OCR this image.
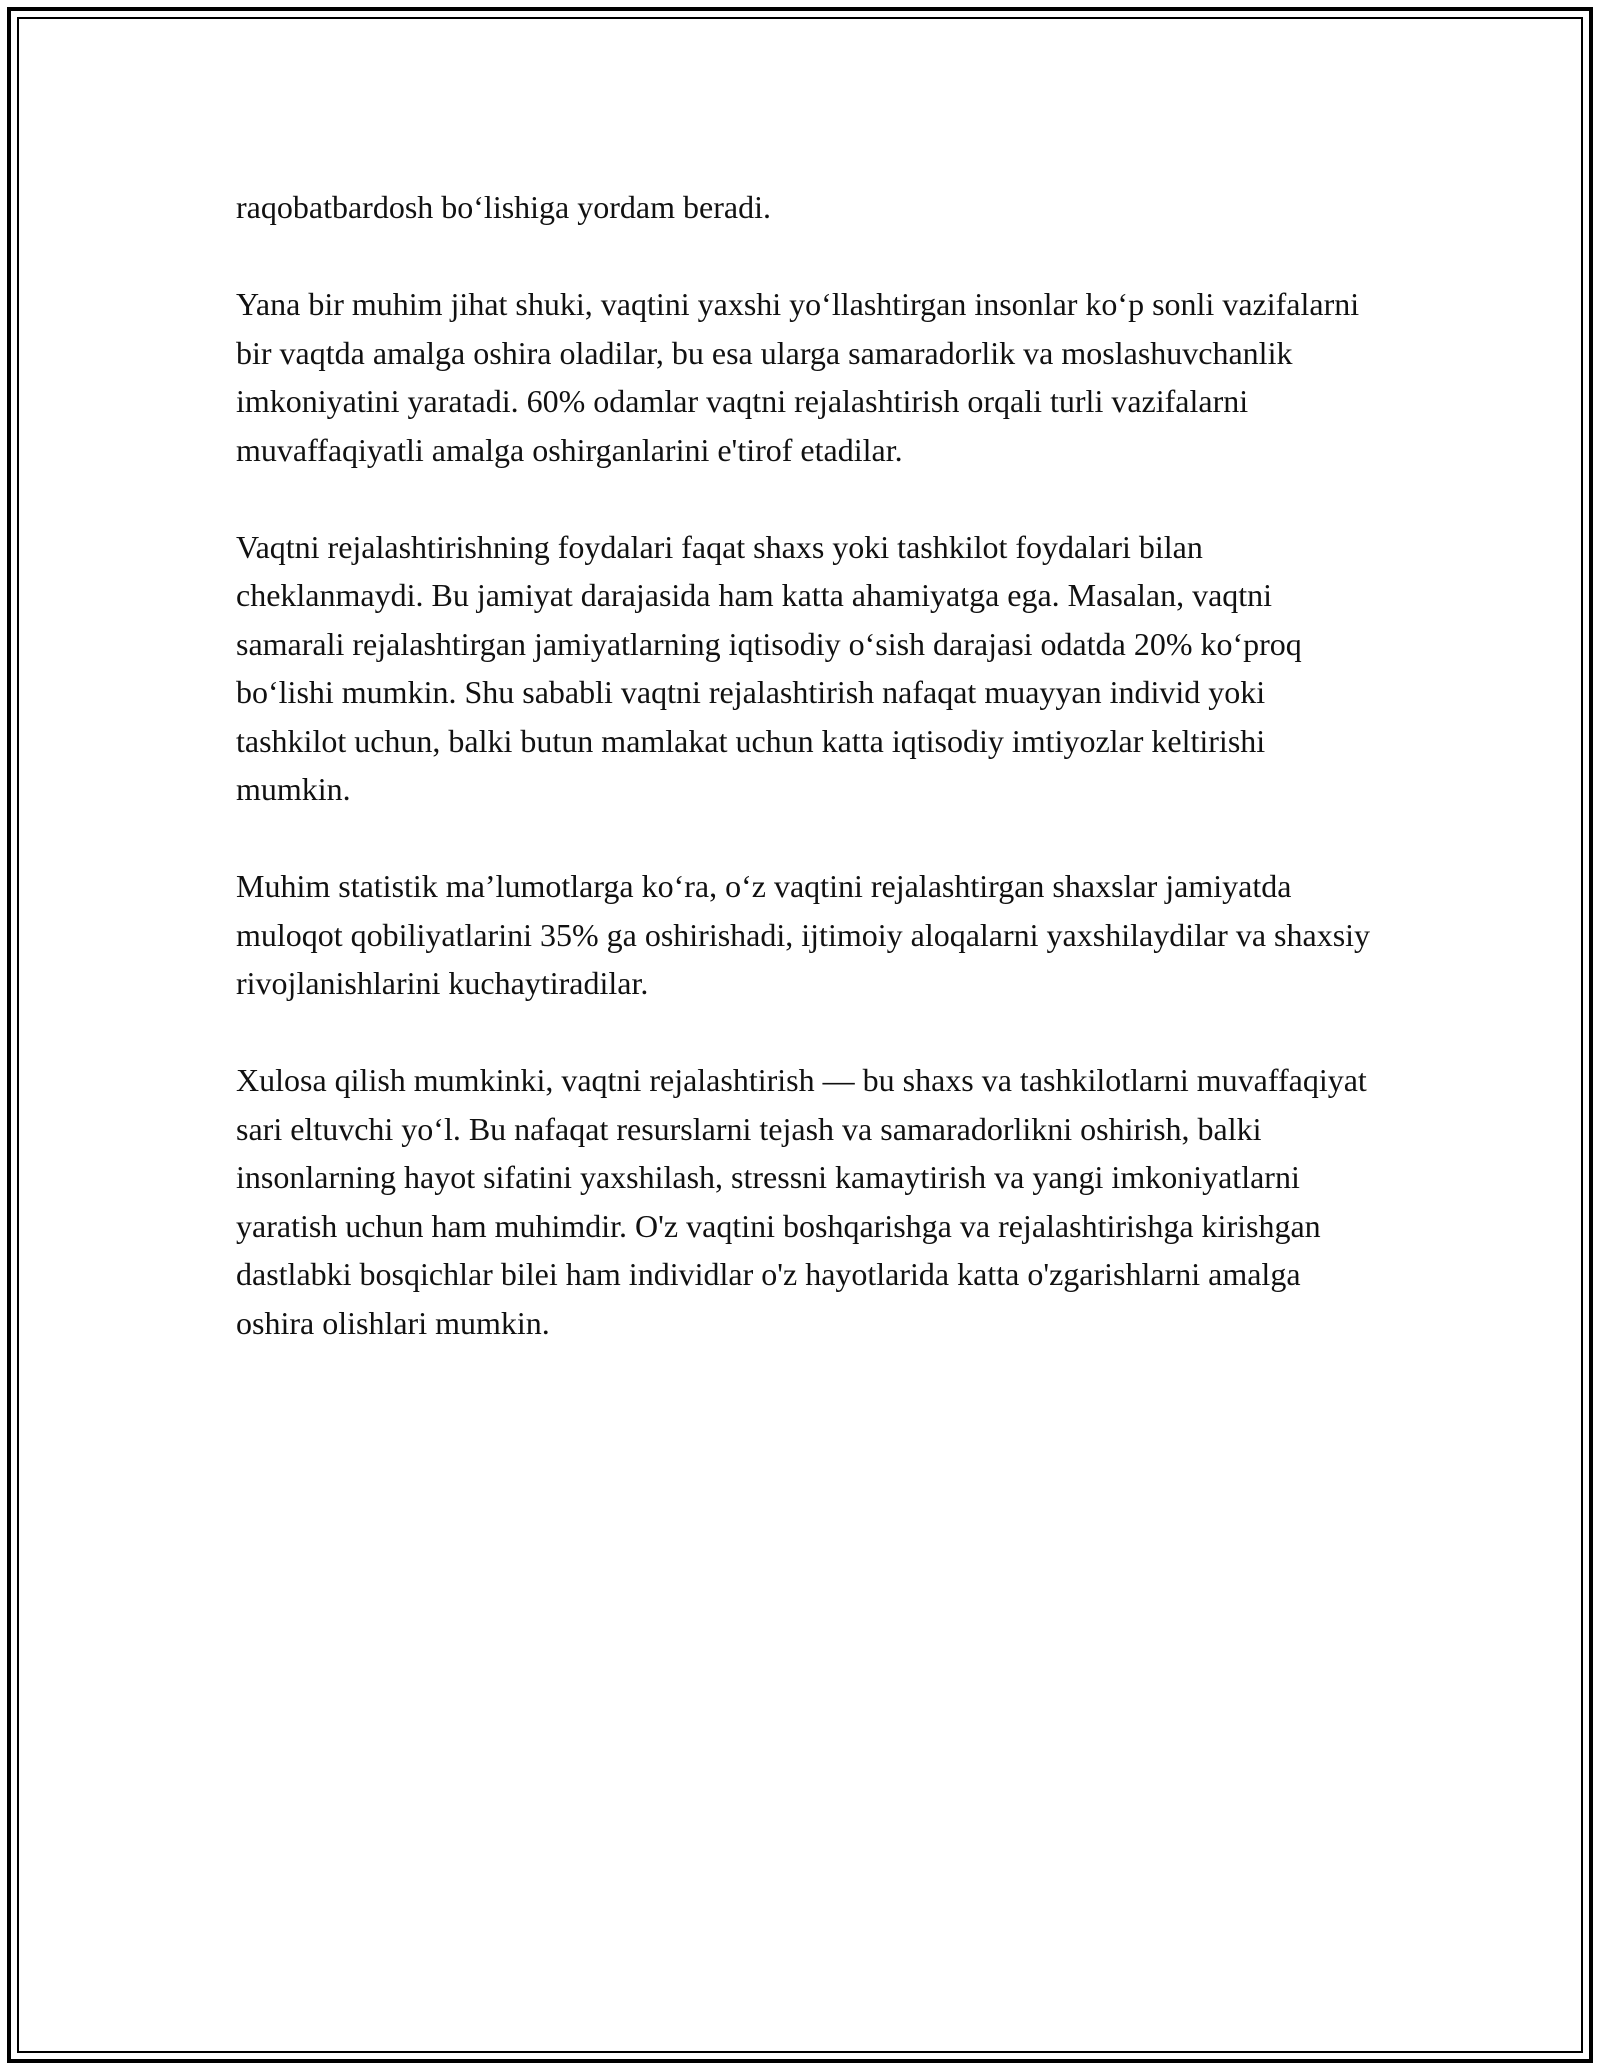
raqobatbardosh bo‘lishiga yordam beradi.

Yana bir muhim jihat shuki, vaqtini yaxshi yo‘llashtirgan insonlar ko‘p sonli vazifalarni bir vaqtda amalga oshira oladilar, bu esa ularga samaradorlik va moslashuvchanlik imkoniyatini yaratadi. 60% odamlar vaqtni rejalashtirish orqali turli vazifalarni muvaffaqiyatli amalga oshirganlarini e'tirof etadilar.

Vaqtni rejalashtirishning foydalari faqat shaxs yoki tashkilot foydalari bilan cheklanmaydi. Bu jamiyat darajasida ham katta ahamiyatga ega. Masalan, vaqtni samarali rejalashtirgan jamiyatlarning iqtisodiy o‘sish darajasi odatda 20% ko‘proq bo‘lishi mumkin. Shu sababli vaqtni rejalashtirish nafaqat muayyan individ yoki tashkilot uchun, balki butun mamlakat uchun katta iqtisodiy imtiyozlar keltirishi mumkin.

Muhim statistik ma’lumotlarga ko‘ra, o‘z vaqtini rejalashtirgan shaxslar jamiyatda muloqot qobiliyatlarini 35% ga oshirishadi, ijtimoiy aloqalarni yaxshilaydilar va shaxsiy rivojlanishlarini kuchaytiradilar.

Xulosa qilish mumkinki, vaqtni rejalashtirish — bu shaxs va tashkilotlarni muvaffaqiyat sari eltuvchi yo‘l. Bu nafaqat resurslarni tejash va samaradorlikni oshirish, balki insonlarning hayot sifatini yaxshilash, stressni kamaytirish va yangi imkoniyatlarni yaratish uchun ham muhimdir. O'z vaqtini boshqarishga va rejalashtirishga kirishgan dastlabki bosqichlar bilei ham individlar o'z hayotlarida katta o'zgarishlarni amalga oshira olishlari mumkin.
